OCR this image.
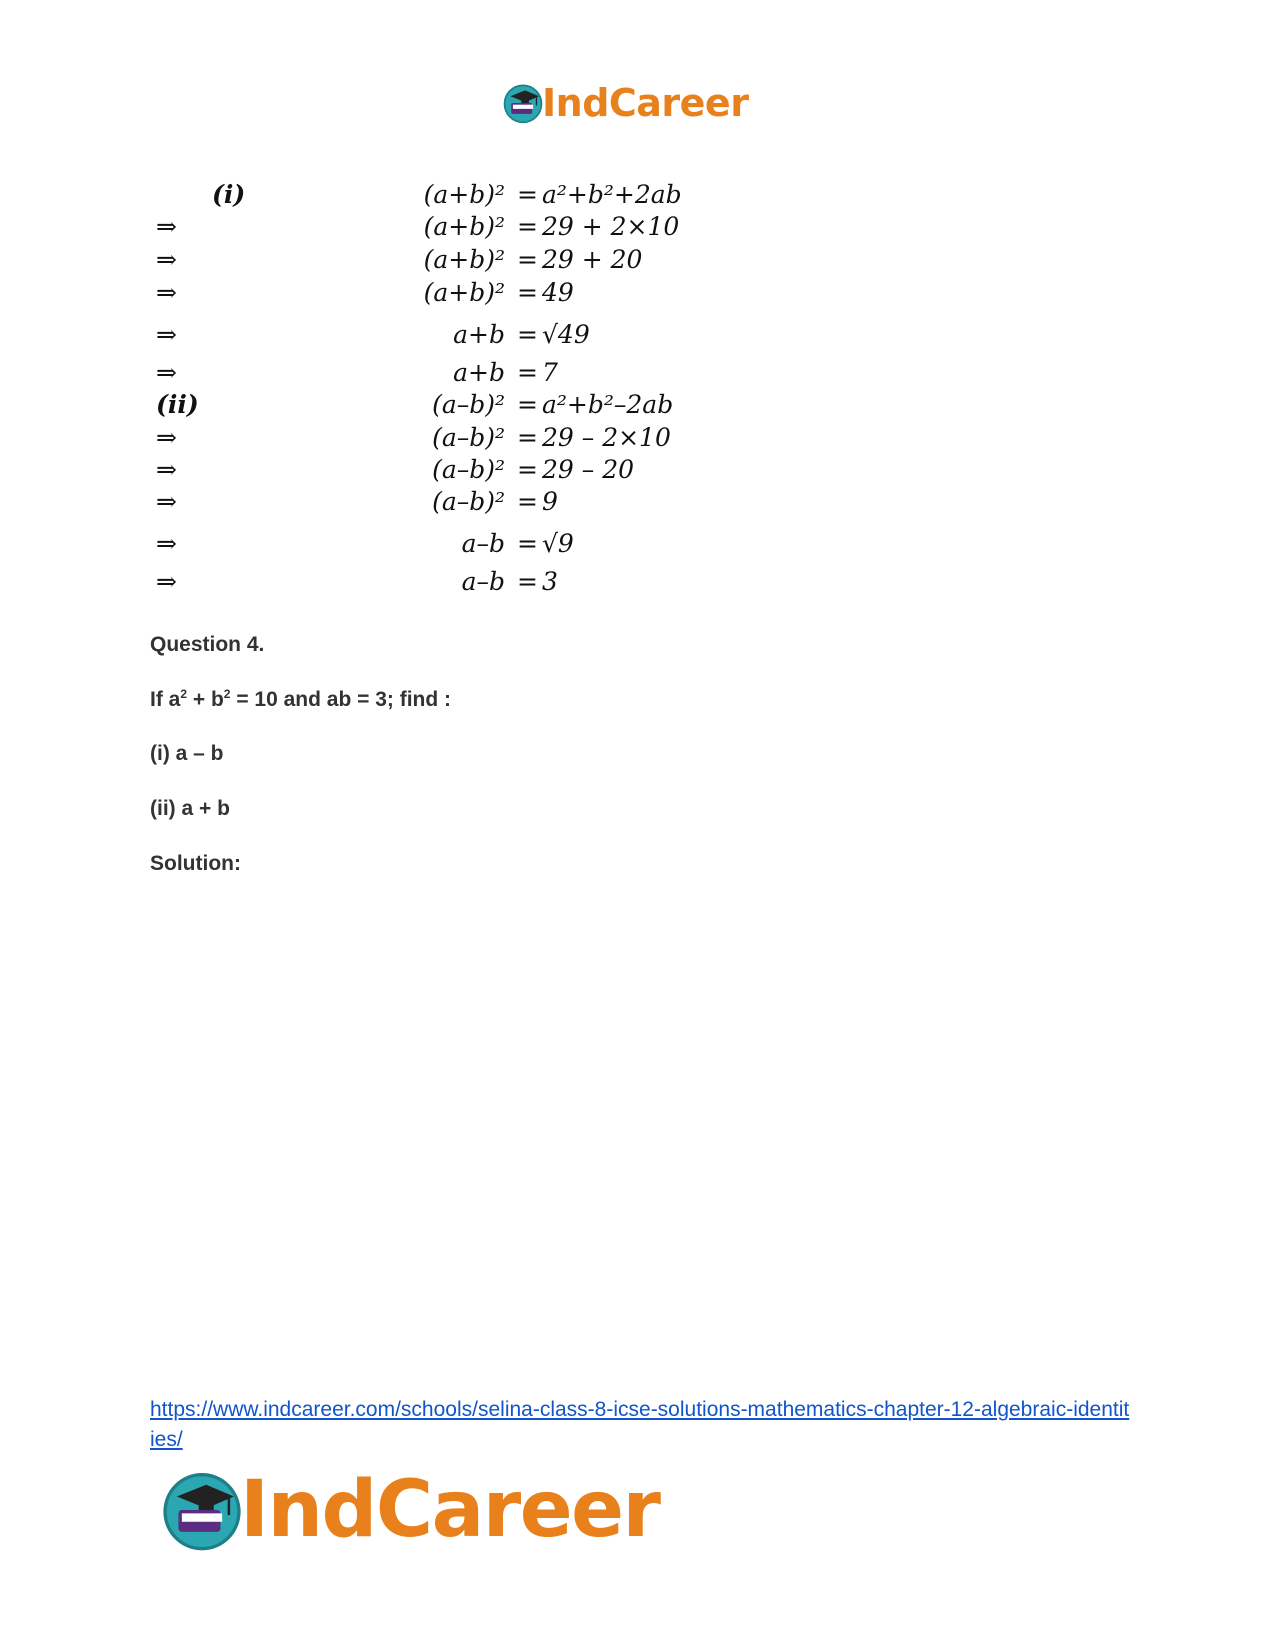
IndCareer
(i)	(a+b)² = a²+b²+2ab
⇒	(a+b)² = 29 + 2×10
⇒	(a+b)² = 29 + 20
⇒	(a+b)² = 49
⇒	a+b = √49
⇒	a+b = 7
(ii)	(a–b)² = a²+b²–2ab
⇒	(a–b)² = 29 – 2×10
⇒	(a–b)² = 29 – 20
⇒	(a–b)² = 9
⇒	a–b = √9
⇒	a–b = 3

Question 4.

If $a^2 + b^2 = 10$ and ab = 3; find :

(i) a – b

(ii) a + b

Solution:

https://www.indcareer.com/schools/selina-class-8-icse-solutions-mathematics-chapter-12-algebraic-identities/
IndCareer
